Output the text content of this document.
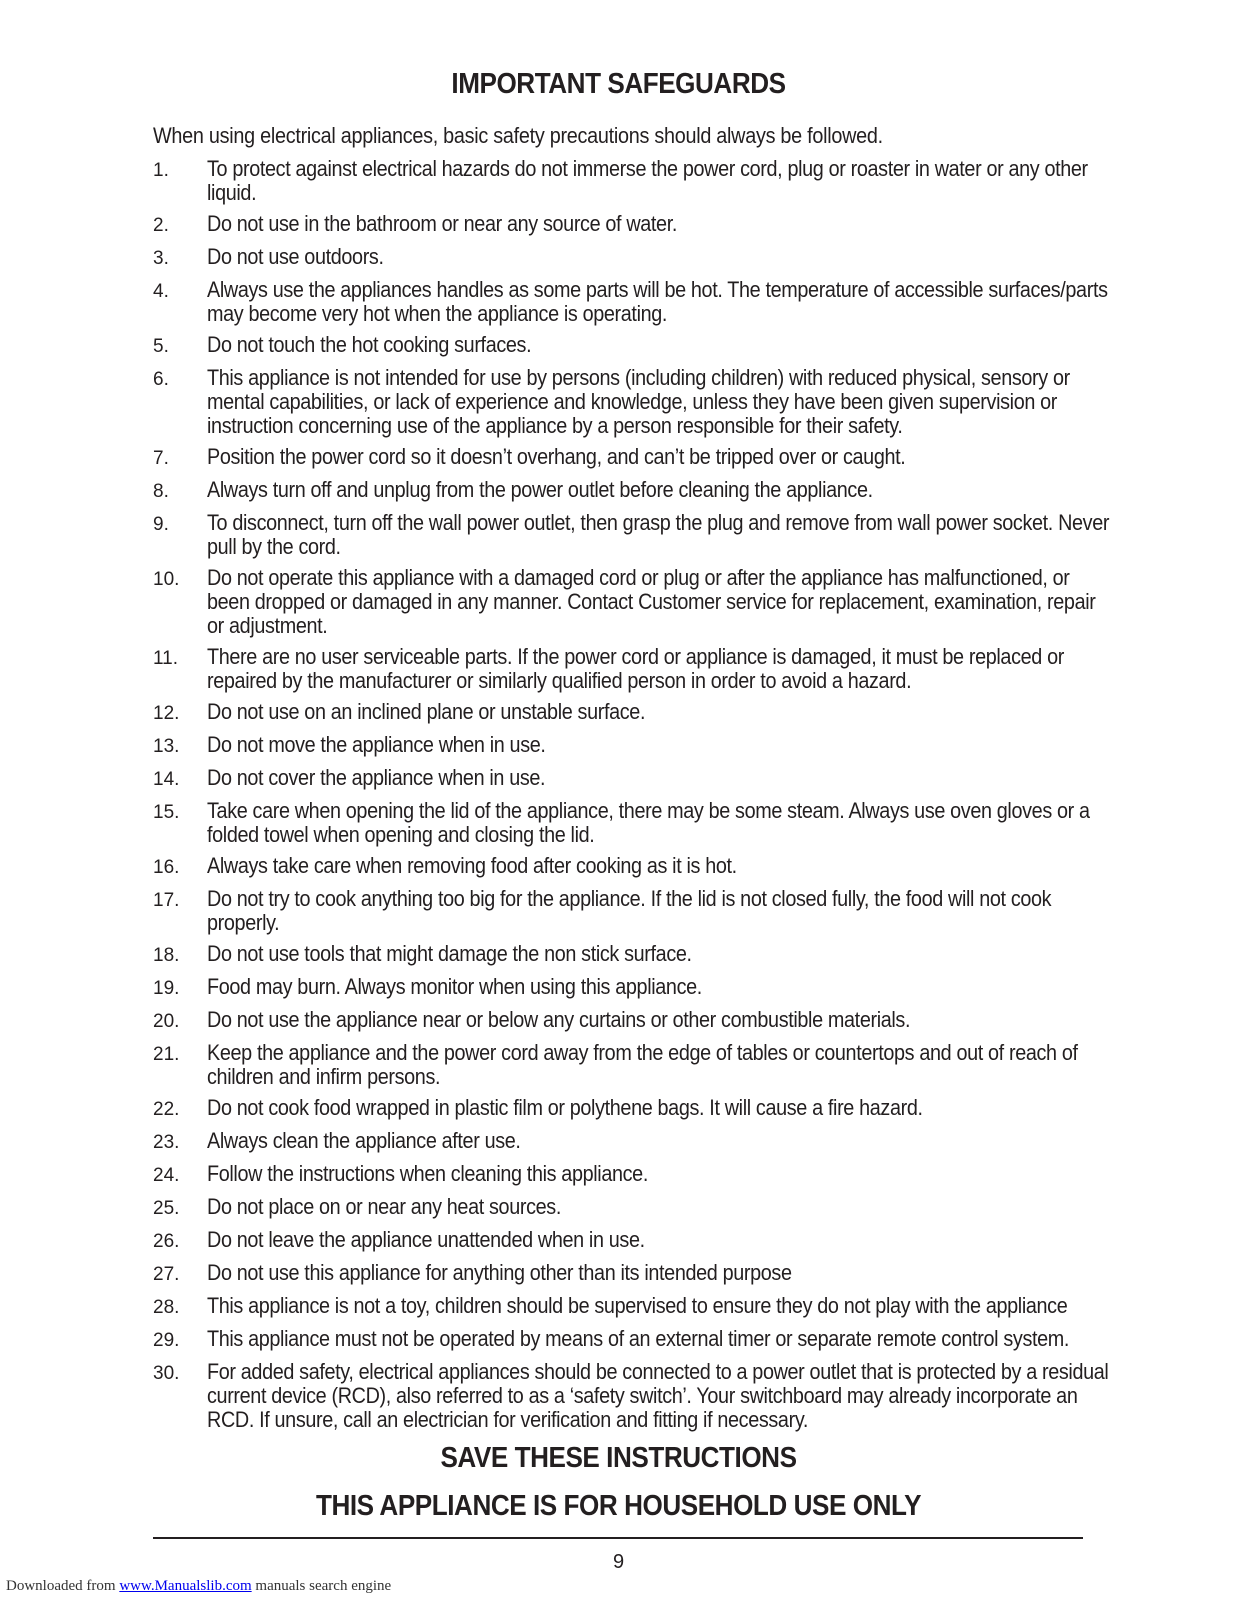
IMPORTANT SAFEGUARDS
When using electrical appliances, basic safety precautions should always be followed.
1.	To protect against electrical hazards do not immerse the power cord, plug or roaster in water or any other liquid.
2.	Do not use in the bathroom or near any source of water.
3.	Do not use outdoors.
4.	Always use the appliances handles as some parts will be hot. The temperature of accessible surfaces/parts may become very hot when the appliance is operating.
5.	Do not touch the hot cooking surfaces.
6.	This appliance is not intended for use by persons (including children) with reduced physical, sensory or mental capabilities, or lack of experience and knowledge, unless they have been given supervision or instruction concerning use of the appliance by a person responsible for their safety.
7.	Position the power cord so it doesn’t overhang, and can’t be tripped over or caught.
8.	Always turn off and unplug from the power outlet before cleaning the appliance.
9.	To disconnect, turn off the wall power outlet, then grasp the plug and remove from wall power socket. Never pull by the cord.
10.	Do not operate this appliance with a damaged cord or plug or after the appliance has malfunctioned, or been dropped or damaged in any manner. Contact Customer service for replacement, examination, repair or adjustment.
11.	There are no user serviceable parts. If the power cord or appliance is damaged, it must be replaced or repaired by the manufacturer or similarly qualified person in order to avoid a hazard.
12.	Do not use on an inclined plane or unstable surface.
13.	Do not move the appliance when in use.
14.	Do not cover the appliance when in use.
15.	Take care when opening the lid of the appliance, there may be some steam. Always use oven gloves or a folded towel when opening and closing the lid.
16.	Always take care when removing food after cooking as it is hot.
17.	Do not try to cook anything too big for the appliance. If the lid is not closed fully, the food will not cook properly.
18.	Do not use tools that might damage the non stick surface.
19.	Food may burn. Always monitor when using this appliance.
20.	Do not use the appliance near or below any curtains or other combustible materials.
21.	Keep the appliance and the power cord away from the edge of tables or countertops and out of reach of children and infirm persons.
22.	Do not cook food wrapped in plastic film or polythene bags. It will cause a fire hazard.
23.	Always clean the appliance after use.
24.	Follow the instructions when cleaning this appliance.
25.	Do not place on or near any heat sources.
26.	Do not leave the appliance unattended when in use.
27.	Do not use this appliance for anything other than its intended purpose
28.	This appliance is not a toy, children should be supervised to ensure they do not play with the appliance
29.	This appliance must not be operated by means of an external timer or separate remote control system.
30.	For added safety, electrical appliances should be connected to a power outlet that is protected by a residual current device (RCD), also referred to as a ‘safety switch’. Your switchboard may already incorporate an RCD. If unsure, call an electrician for verification and fitting if necessary.
SAVE THESE INSTRUCTIONS
THIS APPLIANCE IS FOR HOUSEHOLD USE ONLY
9
Downloaded from www.Manualslib.com manuals search engine
